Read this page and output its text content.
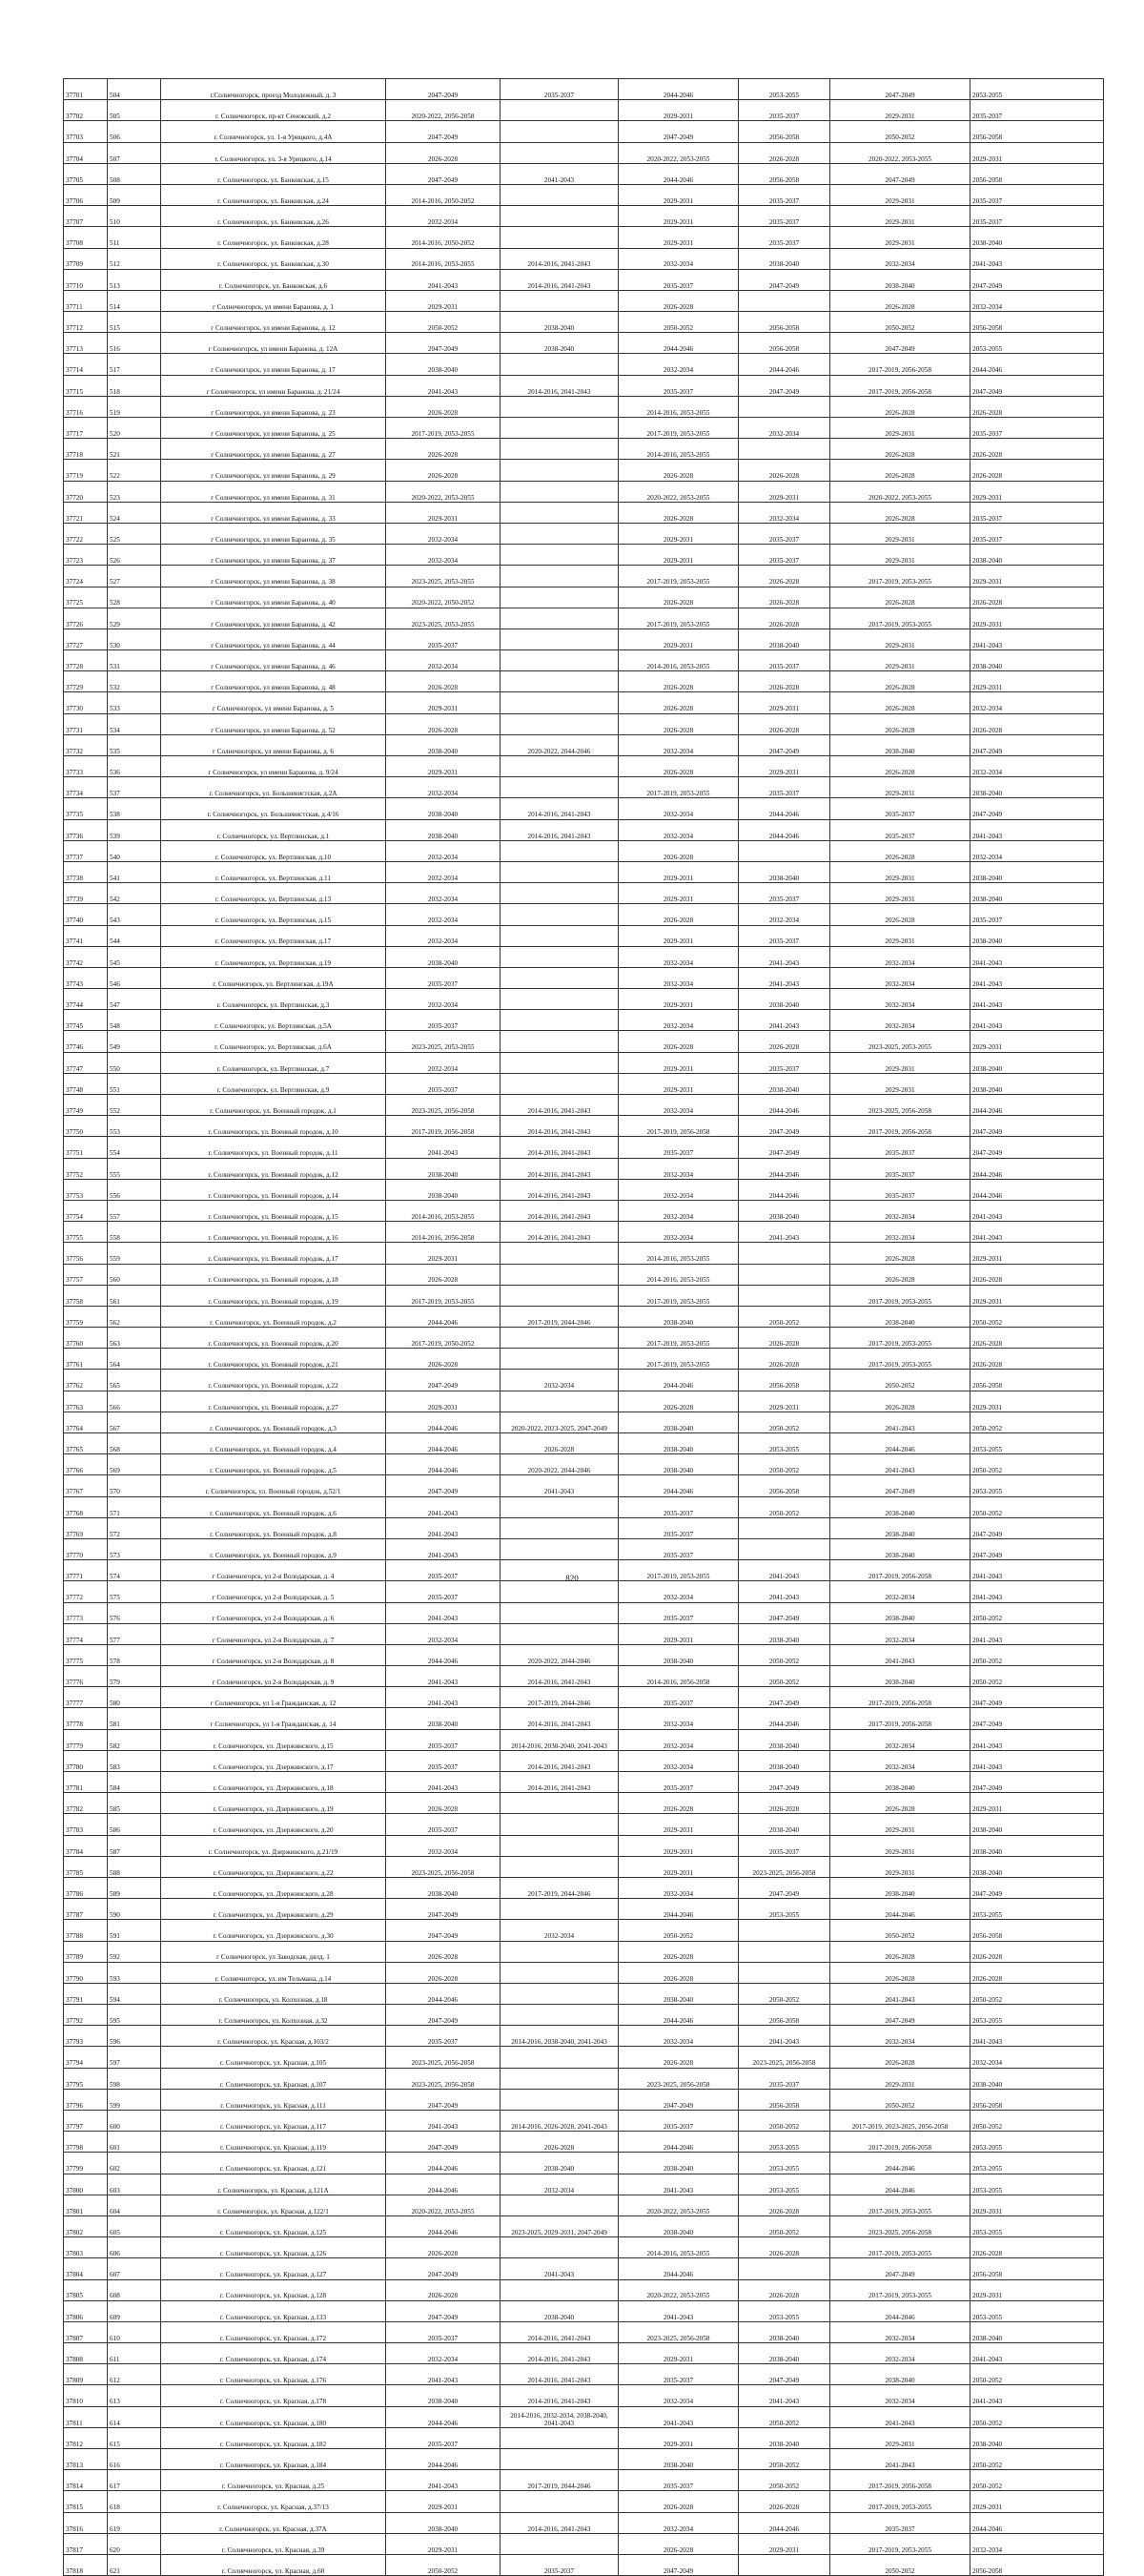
37701	504	г.Солнечногорск, проезд Молодежный, д. 3	2047-2049	2035-2037	2044-2046	2053-2055	2047-2049	2053-2055
37702	505	г. Солнечногорск, пр-кт Сенежский, д.2	2020-2022, 2056-2058		2029-2031	2035-2037	2029-2031	2035-2037
37703	506	г. Солнечногорск, ул. 1-я Урицкого, д.4А	2047-2049		2047-2049	2056-2058	2050-2052	2056-2058
37704	507	г. Солнечногорск, ул. 3-я Урицкого, д.14	2026-2028		2020-2022, 2053-2055	2026-2028	2020-2022, 2053-2055	2029-2031
37705	508	г. Солнечногорск, ул. Банковская, д.15	2047-2049	2041-2043	2044-2046	2056-2058	2047-2049	2056-2058
37706	509	г. Солнечногорск, ул. Банковская, д.24	2014-2016, 2050-2052		2029-2031	2035-2037	2029-2031	2035-2037
37707	510	г. Солнечногорск, ул. Банковская, д.26	2032-2034		2029-2031	2035-2037	2029-2031	2035-2037
37708	511	г. Солнечногорск, ул. Банковская, д.28	2014-2016, 2050-2052		2029-2031	2035-2037	2029-2031	2038-2040
37709	512	г. Солнечногорск, ул. Банковская, д.30	2014-2016, 2053-2055	2014-2016, 2041-2043	2032-2034	2038-2040	2032-2034	2041-2043
37710	513	г. Солнечногорск, ул. Банковская, д.6	2041-2043	2014-2016, 2041-2043	2035-2037	2047-2049	2038-2040	2047-2049
37711	514	г Солнечногорск, ул имени Баранова, д. 1	2029-2031		2026-2028		2026-2028	2032-2034
37712	515	г Солнечногорск, ул имени Баранова, д. 12	2050-2052	2038-2040	2050-2052	2056-2058	2050-2052	2056-2058
37713	516	г Солнечногорск, ул имени Баранова, д. 12А	2047-2049	2038-2040	2044-2046	2056-2058	2047-2049	2053-2055
37714	517	г Солнечногорск, ул имени Баранова, д. 17	2038-2040		2032-2034	2044-2046	2017-2019, 2056-2058	2044-2046
37715	518	г Солнечногорск, ул имени Баранова, д. 21/24	2041-2043	2014-2016, 2041-2043	2035-2037	2047-2049	2017-2019, 2056-2058	2047-2049
37716	519	г Солнечногорск, ул имени Баранова, д. 23	2026-2028		2014-2016, 2053-2055		2026-2028	2026-2028
37717	520	г Солнечногорск, ул имени Баранова, д. 25	2017-2019, 2053-2055		2017-2019, 2053-2055	2032-2034	2029-2031	2035-2037
37718	521	г Солнечногорск, ул имени Баранова, д. 27	2026-2028		2014-2016, 2053-2055		2026-2028	2026-2028
37719	522	г Солнечногорск, ул имени Баранова, д. 29	2026-2028		2026-2028	2026-2028	2026-2028	2026-2028
37720	523	г Солнечногорск, ул имени Баранова, д. 31	2020-2022, 2053-2055		2020-2022, 2053-2055	2029-2031	2020-2022, 2053-2055	2029-2031
37721	524	г Солнечногорск, ул имени Баранова, д. 33	2029-2031		2026-2028	2032-2034	2026-2028	2035-2037
37722	525	г Солнечногорск, ул имени Баранова, д. 35	2032-2034		2029-2031	2035-2037	2029-2031	2035-2037
37723	526	г Солнечногорск, ул имени Баранова, д. 37	2032-2034		2029-2031	2035-2037	2029-2031	2038-2040
37724	527	г Солнечногорск, ул имени Баранова, д. 38	2023-2025, 2053-2055		2017-2019, 2053-2055	2026-2028	2017-2019, 2053-2055	2029-2031
37725	528	г Солнечногорск, ул имени Баранова, д. 40	2020-2022, 2050-2052		2026-2028	2026-2028	2026-2028	2026-2028
37726	529	г Солнечногорск, ул имени Баранова, д. 42	2023-2025, 2053-2055		2017-2019, 2053-2055	2026-2028	2017-2019, 2053-2055	2029-2031
37727	530	г Солнечногорск, ул имени Баранова, д. 44	2035-2037		2029-2031	2038-2040	2029-2031	2041-2043
37728	531	г Солнечногорск, ул имени Баранова, д. 46	2032-2034		2014-2016, 2053-2055	2035-2037	2029-2031	2038-2040
37729	532	г Солнечногорск, ул имени Баранова, д. 48	2026-2028		2026-2028	2026-2028	2026-2028	2029-2031
37730	533	г Солнечногорск, ул имени Баранова, д. 5	2029-2031		2026-2028	2029-2031	2026-2028	2032-2034
37731	534	г Солнечногорск, ул имени Баранова, д. 52	2026-2028		2026-2028	2026-2028	2026-2028	2026-2028
37732	535	г Солнечногорск, ул имени Баранова, д. 6	2038-2040	2020-2022, 2044-2046	2032-2034	2047-2049	2038-2040	2047-2049
37733	536	г Солнечногорск, ул имени Баранова, д. 9/24	2029-2031		2026-2028	2029-2031	2026-2028	2032-2034
37734	537	г. Солнечногорск, ул. Большевистская, д.2А	2032-2034		2017-2019, 2053-2055	2035-2037	2029-2031	2038-2040
37735	538	г. Солнечногорск, ул. Большевистская, д.4/16	2038-2040	2014-2016, 2041-2043	2032-2034	2044-2046	2035-2037	2047-2049
37736	539	г. Солнечногорск, ул. Вертлинская, д.1	2038-2040	2014-2016, 2041-2043	2032-2034	2044-2046	2035-2037	2041-2043
37737	540	г. Солнечногорск, ул. Вертлинская, д.10	2032-2034		2026-2028		2026-2028	2032-2034
37738	541	г. Солнечногорск, ул. Вертлинская, д.11	2032-2034		2029-2031	2038-2040	2029-2031	2038-2040
37739	542	г. Солнечногорск, ул. Вертлинская, д.13	2032-2034		2029-2031	2035-2037	2029-2031	2038-2040
37740	543	г. Солнечногорск, ул. Вертлинская, д.15	2032-2034		2026-2028	2032-2034	2026-2028	2035-2037
37741	544	г. Солнечногорск, ул. Вертлинская, д.17	2032-2034		2029-2031	2035-2037	2029-2031	2038-2040
37742	545	г. Солнечногорск, ул. Вертлинская, д.19	2038-2040		2032-2034	2041-2043	2032-2034	2041-2043
37743	546	г. Солнечногорск, ул. Вертлинская, д.19А	2035-2037		2032-2034	2041-2043	2032-2034	2041-2043
37744	547	г. Солнечногорск, ул. Вертлинская, д.3	2032-2034		2029-2031	2038-2040	2032-2034	2041-2043
37745	548	г. Солнечногорск, ул. Вертлинская, д.5А	2035-2037		2032-2034	2041-2043	2032-2034	2041-2043
37746	549	г. Солнечногорск, ул. Вертлинская, д.6А	2023-2025, 2053-2055		2026-2028	2026-2028	2023-2025, 2053-2055	2029-2031
37747	550	г. Солнечногорск, ул. Вертлинская, д.7	2032-2034		2029-2031	2035-2037	2029-2031	2038-2040
37748	551	г. Солнечногорск, ул. Вертлинская, д.9	2035-2037		2029-2031	2038-2040	2029-2031	2038-2040
37749	552	г. Солнечногорск, ул. Военный городок, д.1	2023-2025, 2056-2058	2014-2016, 2041-2043	2032-2034	2044-2046	2023-2025, 2056-2058	2044-2046
37750	553	г. Солнечногорск, ул. Военный городок, д.10	2017-2019, 2056-2058	2014-2016, 2041-2043	2017-2019, 2056-2058	2047-2049	2017-2019, 2056-2058	2047-2049
37751	554	г. Солнечногорск, ул. Военный городок, д.11	2041-2043	2014-2016, 2041-2043	2035-2037	2047-2049	2035-2037	2047-2049
37752	555	г. Солнечногорск, ул. Военный городок, д.12	2038-2040	2014-2016, 2041-2043	2032-2034	2044-2046	2035-2037	2044-2046
37753	556	г. Солнечногорск, ул. Военный городок, д.14	2038-2040	2014-2016, 2041-2043	2032-2034	2044-2046	2035-2037	2044-2046
37754	557	г. Солнечногорск, ул. Военный городок, д.15	2014-2016, 2053-2055	2014-2016, 2041-2043	2032-2034	2038-2040	2032-2034	2041-2043
37755	558	г. Солнечногорск, ул. Военный городок, д.16	2014-2016, 2056-2058	2014-2016, 2041-2043	2032-2034	2041-2043	2032-2034	2041-2043
37756	559	г. Солнечногорск, ул. Военный городок, д.17	2029-2031		2014-2016, 2053-2055		2026-2028	2029-2031
37757	560	г. Солнечногорск, ул. Военный городок, д.18	2026-2028		2014-2016, 2053-2055		2026-2028	2026-2028
37758	561	г. Солнечногорск, ул. Военный городок, д.19	2017-2019, 2053-2055		2017-2019, 2053-2055		2017-2019, 2053-2055	2029-2031
37759	562	г. Солнечногорск, ул. Военный городок, д.2	2044-2046	2017-2019, 2044-2046	2038-2040	2050-2052	2038-2040	2050-2052
37760	563	г. Солнечногорск, ул. Военный городок, д.20	2017-2019, 2050-2052		2017-2019, 2053-2055	2026-2028	2017-2019, 2053-2055	2026-2028
37761	564	г. Солнечногорск, ул. Военный городок, д.21	2026-2028		2017-2019, 2053-2055	2026-2028	2017-2019, 2053-2055	2026-2028
37762	565	г. Солнечногорск, ул. Военный городок, д.22	2047-2049	2032-2034	2044-2046	2056-2058	2050-2052	2056-2058
37763	566	г. Солнечногорск, ул. Военный городок, д.27	2029-2031		2026-2028	2029-2031	2026-2028	2029-2031
37764	567	г. Солнечногорск, ул. Военный городок, д.3	2044-2046	2020-2022, 2023-2025, 2047-2049	2038-2040	2050-2052	2041-2043	2050-2052
37765	568	г. Солнечногорск, ул. Военный городок, д.4	2044-2046	2026-2028	2038-2040	2053-2055	2044-2046	2053-2055
37766	569	г. Солнечногорск, ул. Военный городок, д.5	2044-2046	2020-2022, 2044-2046	2038-2040	2050-2052	2041-2043	2050-2052
37767	570	г. Солнечногорск, ул. Военный городок, д.52/1	2047-2049	2041-2043	2044-2046	2056-2058	2047-2049	2053-2055
37768	571	г. Солнечногорск, ул. Военный городок, д.6	2041-2043		2035-2037	2050-2052	2038-2040	2050-2052
37769	572	г. Солнечногорск, ул. Военный городок, д.8	2041-2043		2035-2037		2038-2040	2047-2049
37770	573	г. Солнечногорск, ул. Военный городок, д.9	2041-2043		2035-2037		2038-2040	2047-2049
37771	574	г Солнечногорск, ул 2-я Володарская, д. 4	2035-2037		2017-2019, 2053-2055	2041-2043	2017-2019, 2056-2058	2041-2043
37772	575	г Солнечногорск, ул 2-я Володарская, д. 5	2035-2037		2032-2034	2041-2043	2032-2034	2041-2043
37773	576	г Солнечногорск, ул 2-я Володарская, д. 6	2041-2043		2035-2037	2047-2049	2038-2040	2050-2052
37774	577	г Солнечногорск, ул 2-я Володарская, д. 7	2032-2034		2029-2031	2038-2040	2032-2034	2041-2043
37775	578	г Солнечногорск, ул 2-я Володарская, д. 8	2044-2046	2020-2022, 2044-2046	2038-2040	2050-2052	2041-2043	2050-2052
37776	579	г Солнечногорск, ул 2-я Володарская, д. 9	2041-2043	2014-2016, 2041-2043	2014-2016, 2056-2058	2050-2052	2038-2040	2050-2052
37777	580	г Солнечногорск, ул 1-я Гражданская, д. 12	2041-2043	2017-2019, 2044-2046	2035-2037	2047-2049	2017-2019, 2056-2058	2047-2049
37778	581	г Солнечногорск, ул 1-я Гражданская, д. 14	2038-2040	2014-2016, 2041-2043	2032-2034	2044-2046	2017-2019, 2056-2058	2047-2049
37779	582	г. Солнечногорск, ул. Дзержинского, д.15	2035-2037	2014-2016, 2038-2040, 2041-2043	2032-2034	2038-2040	2032-2034	2041-2043
37780	583	г. Солнечногорск, ул. Дзержинского, д.17	2035-2037	2014-2016, 2041-2043	2032-2034	2038-2040	2032-2034	2041-2043
37781	584	г. Солнечногорск, ул. Дзержинского, д.18	2041-2043	2014-2016, 2041-2043	2035-2037	2047-2049	2038-2040	2047-2049
37782	585	г. Солнечногорск, ул. Дзержинского, д.19	2026-2028		2026-2028	2026-2028	2026-2028	2029-2031
37783	586	г. Солнечногорск, ул. Дзержинского, д.20	2035-2037		2029-2031	2038-2040	2029-2031	2038-2040
37784	587	г. Солнечногорск, ул. Дзержинского, д.21/19	2032-2034		2029-2031	2035-2037	2029-2031	2038-2040
37785	588	г. Солнечногорск, ул. Дзержинского, д.22	2023-2025, 2056-2058		2029-2031	2023-2025, 2056-2058	2029-2031	2038-2040
37786	589	г. Солнечногорск, ул. Дзержинского, д.28	2038-2040	2017-2019, 2044-2046	2032-2034	2047-2049	2038-2040	2047-2049
37787	590	г. Солнечногорск, ул. Дзержинского, д.29	2047-2049		2044-2046	2053-2055	2044-2046	2053-2055
37788	591	г. Солнечногорск, ул. Дзержинского, д.30	2047-2049	2032-2034	2050-2052		2050-2052	2056-2058
37789	592	г Солнечногорск, ул Заводская, двлд. 1	2026-2028		2026-2028		2026-2028	2026-2028
37790	593	г. Солнечногорск, ул. им Тельмана, д.14	2026-2028		2026-2028		2026-2028	2026-2028
37791	594	г. Солнечногорск, ул. Колхозная, д.18	2044-2046		2038-2040	2050-2052	2041-2043	2050-2052
37792	595	г. Солнечногорск, ул. Колхозная, д.32	2047-2049		2044-2046	2056-2058	2047-2049	2053-2055
37793	596	г. Солнечногорск, ул. Красная, д.103/2	2035-2037	2014-2016, 2038-2040, 2041-2043	2032-2034	2041-2043	2032-2034	2041-2043
37794	597	г. Солнечногорск, ул. Красная, д.105	2023-2025, 2056-2058		2026-2028	2023-2025, 2056-2058	2026-2028	2032-2034
37795	598	г. Солнечногорск, ул. Красная, д.107	2023-2025, 2056-2058		2023-2025, 2056-2058	2035-2037	2029-2031	2038-2040
37796	599	г. Солнечногорск, ул. Красная, д.111	2047-2049		2047-2049	2056-2058	2050-2052	2056-2058
37797	600	г. Солнечногорск, ул. Красная, д.117	2041-2043	2014-2016, 2026-2028, 2041-2043	2035-2037	2050-2052	2017-2019, 2023-2025, 2056-2058	2050-2052
37798	601	г. Солнечногорск, ул. Красная, д.119	2047-2049	2026-2028	2044-2046	2053-2055	2017-2019, 2056-2058	2053-2055
37799	602	г. Солнечногорск, ул. Красная, д.121	2044-2046	2038-2040	2038-2040	2053-2055	2044-2046	2053-2055
37800	603	г. Солнечногорск, ул. Красная, д.121А	2044-2046	2032-2034	2041-2043	2053-2055	2044-2046	2053-2055
37801	604	г. Солнечногорск, ул. Красная, д.122/1	2020-2022, 2053-2055		2020-2022, 2053-2055	2026-2028	2017-2019, 2053-2055	2029-2031
37802	605	г. Солнечногорск, ул. Красная, д.125	2044-2046	2023-2025, 2029-2031, 2047-2049	2038-2040	2050-2052	2023-2025, 2056-2058	2053-2055
37803	606	г. Солнечногорск, ул. Красная, д.126	2026-2028		2014-2016, 2053-2055	2026-2028	2017-2019, 2053-2055	2026-2028
37804	607	г. Солнечногорск, ул. Красная, д.127	2047-2049	2041-2043	2044-2046		2047-2049	2056-2058
37805	608	г. Солнечногорск, ул. Красная, д.128	2026-2028		2020-2022, 2053-2055	2026-2028	2017-2019, 2053-2055	2029-2031
37806	609	г. Солнечногорск, ул. Красная, д.133	2047-2049	2038-2040	2041-2043	2053-2055	2044-2046	2053-2055
37807	610	г. Солнечногорск, ул. Красная, д.172	2035-2037	2014-2016, 2041-2043	2023-2025, 2056-2058	2038-2040	2032-2034	2038-2040
37808	611	г. Солнечногорск, ул. Красная, д.174	2032-2034	2014-2016, 2041-2043	2029-2031	2038-2040	2032-2034	2041-2043
37809	612	г. Солнечногорск, ул. Красная, д.176	2041-2043	2014-2016, 2041-2043	2035-2037	2047-2049	2038-2040	2050-2052
37810	613	г. Солнечногорск, ул. Красная, д.178	2038-2040	2014-2016, 2041-2043	2032-2034	2041-2043	2032-2034	2041-2043
37811	614	г. Солнечногорск, ул. Красная, д.180	2044-2046	2014-2016, 2032-2034, 2038-2040, 2041-2043	2041-2043	2050-2052	2041-2043	2050-2052
37812	615	г. Солнечногорск, ул. Красная, д.182	2035-2037		2029-2031	2038-2040	2029-2031	2038-2040
37813	616	г. Солнечногорск, ул. Красная, д.184	2044-2046		2038-2040	2050-2052	2041-2043	2050-2052
37814	617	г. Солнечногорск, ул. Красная, д.25	2041-2043	2017-2019, 2044-2046	2035-2037	2050-2052	2017-2019, 2056-2058	2050-2052
37815	618	г. Солнечногорск, ул. Красная, д.37/13	2029-2031		2026-2028	2026-2028	2017-2019, 2053-2055	2029-2031
37816	619	г. Солнечногорск, ул. Красная, д.37А	2038-2040	2014-2016, 2041-2043	2032-2034	2044-2046	2035-2037	2044-2046
37817	620	г. Солнечногорск, ул. Красная, д.39	2029-2031		2026-2028	2029-2031	2017-2019, 2053-2055	2032-2034
37818	621	г. Солнечногорск, ул. Красная, д.60	2050-2052	2035-2037	2047-2049		2050-2052	2056-2058
820
